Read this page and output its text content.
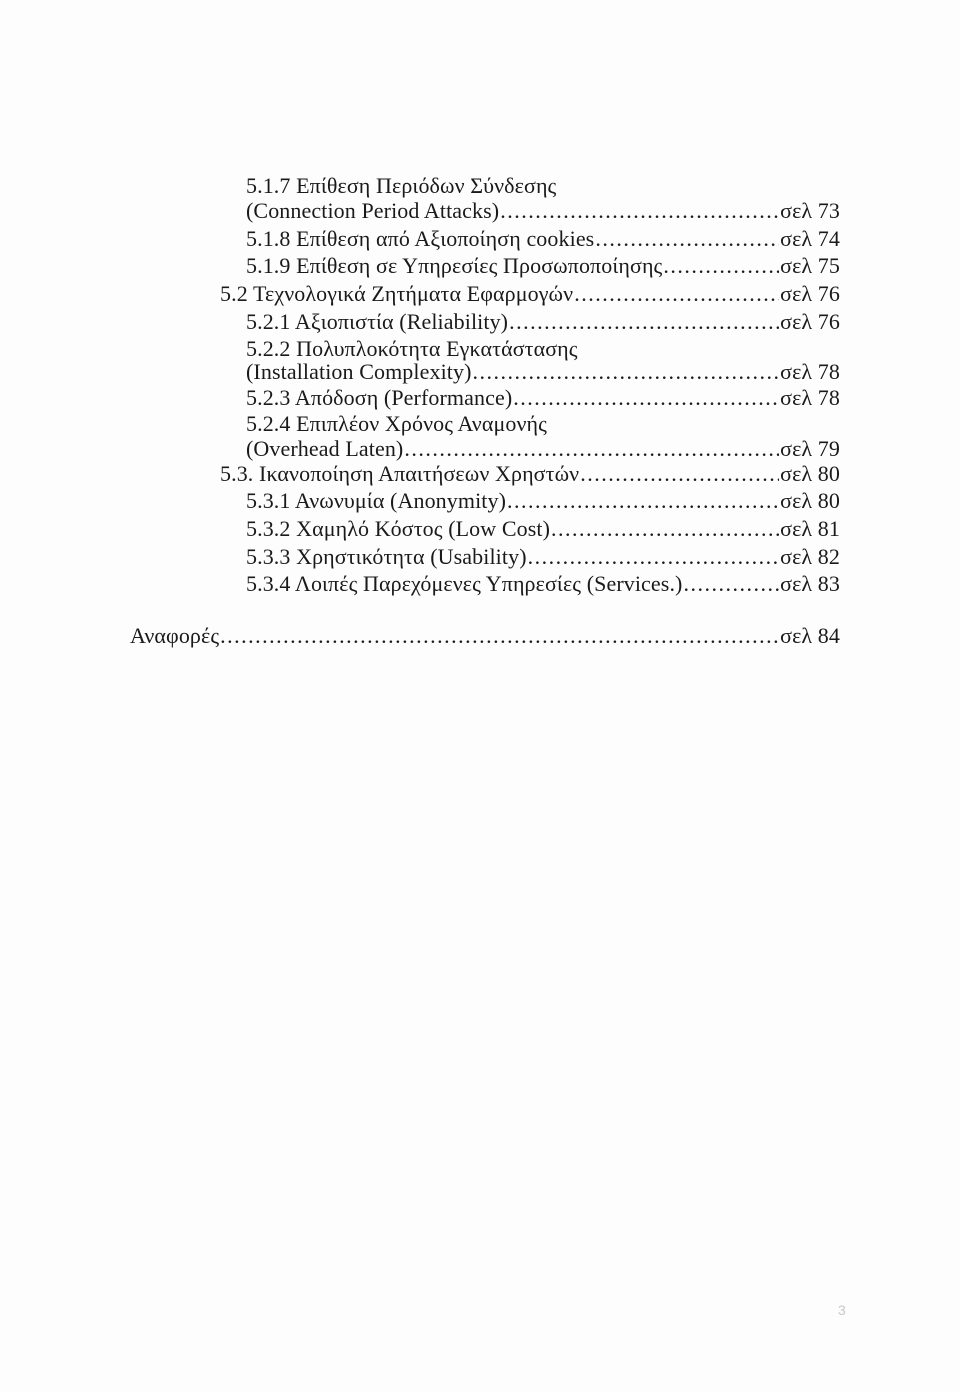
5.1.7 Επίθεση Περιόδων Σύνδεσης
(Connection Period Attacks) .....	σελ 73
5.1.8 Επίθεση από Αξιοποίηση cookies .....	σελ 74
5.1.9 Επίθεση σε Υπηρεσίες Προσωποποίησης .....	σελ 75
5.2 Τεχνολογικά Ζητήματα Εφαρμογών .....	σελ 76
5.2.1 Αξιοπιστία (Reliability) .....	σελ 76
5.2.2 Πολυπλοκότητα Εγκατάστασης
(Installation Complexity) .....	σελ 78
5.2.3 Απόδοση (Performance) .....	σελ 78
5.2.4 Επιπλέον Χρόνος Αναμονής
(Overhead Laten) .....	σελ 79
5.3. Ικανοποίηση Απαιτήσεων Χρηστών .....	σελ 80
5.3.1 Ανωνυμία (Anonymity) .....	σελ 80
5.3.2 Χαμηλό Κόστος (Low Cost) .....	σελ 81
5.3.3 Χρηστικότητα (Usability) .....	σελ 82
5.3.4 Λοιπές Παρεχόμενες Υπηρεσίες (Services.) .....	σελ 83
Αναφορές .....	σελ 84
3
